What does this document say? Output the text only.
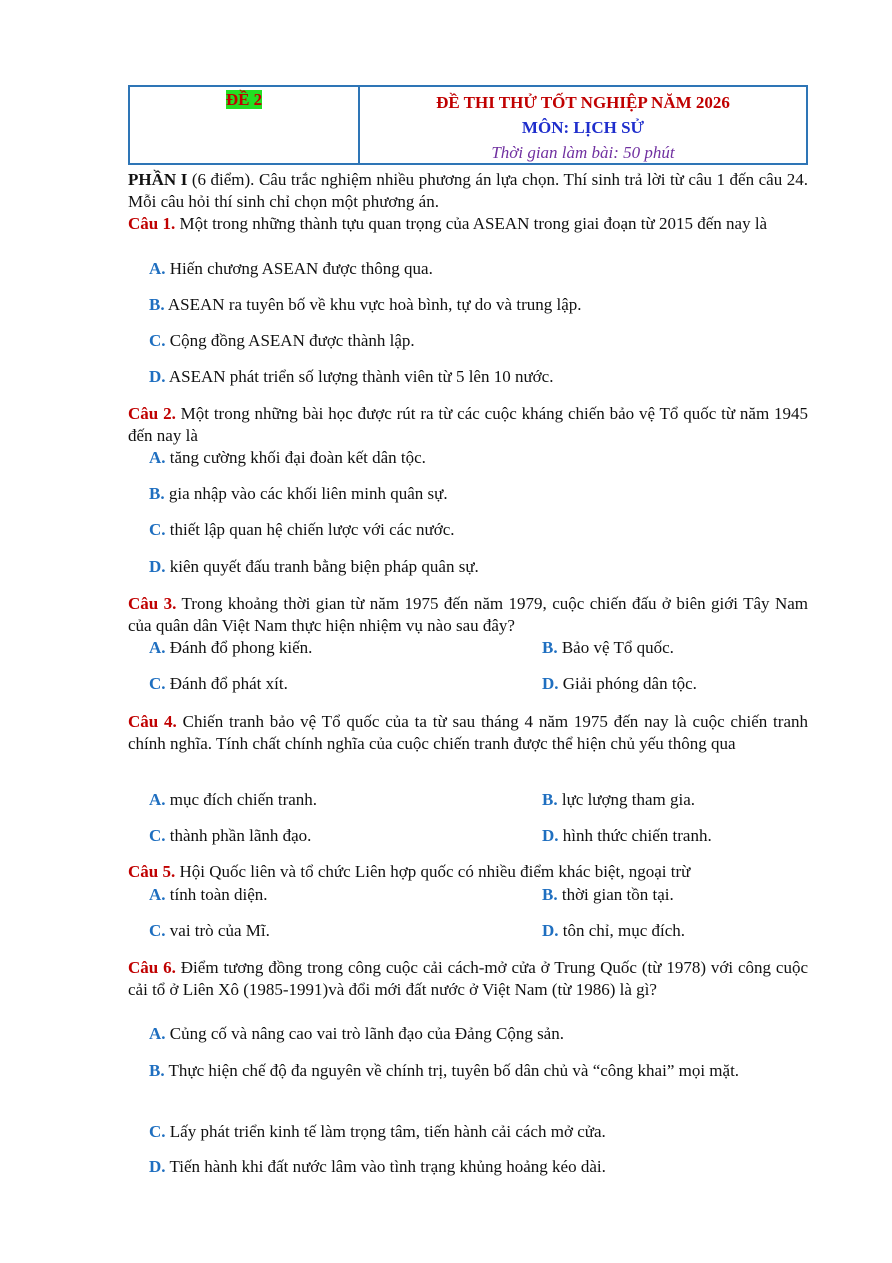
ĐỀ 2	ĐỀ THI THỬ TỐT NGHIỆP NĂM 2026
MÔN: LỊCH SỬ
Thời gian làm bài: 50 phút
PHẦN I (6 điểm). Câu trắc nghiệm nhiều phương án lựa chọn. Thí sinh trả lời từ câu 1 đến câu 24. Mỗi câu hỏi thí sinh chỉ chọn một phương án.
Câu 1. Một trong những thành tựu quan trọng của ASEAN trong giai đoạn từ 2015 đến nay là
A. Hiến chương ASEAN được thông qua.
B. ASEAN ra tuyên bố về khu vực hoà bình, tự do và trung lập.
C. Cộng đồng ASEAN được thành lập.
D. ASEAN phát triển số lượng thành viên từ 5 lên 10 nước.
Câu 2. Một trong những bài học được rút ra từ các cuộc kháng chiến bảo vệ Tổ quốc từ năm 1945 đến nay là
A. tăng cường khối đại đoàn kết dân tộc.
B. gia nhập vào các khối liên minh quân sự.
C. thiết lập quan hệ chiến lược với các nước.
D. kiên quyết đấu tranh bằng biện pháp quân sự.
Câu 3. Trong khoảng thời gian từ năm 1975 đến năm 1979, cuộc chiến đấu ở biên giới Tây Nam của quân dân Việt Nam thực hiện nhiệm vụ nào sau đây?
A. Đánh đổ phong kiến.	B. Bảo vệ Tổ quốc.
C. Đánh đổ phát xít.	D. Giải phóng dân tộc.
Câu 4. Chiến tranh bảo vệ Tổ quốc của ta từ sau tháng 4 năm 1975 đến nay là cuộc chiến tranh chính nghĩa. Tính chất chính nghĩa của cuộc chiến tranh được thể hiện chủ yếu thông qua
A. mục đích chiến tranh.	B. lực lượng tham gia.
C. thành phần lãnh đạo.	D. hình thức chiến tranh.
Câu 5. Hội Quốc liên và tổ chức Liên hợp quốc có nhiều điểm khác biệt, ngoại trừ
A. tính toàn diện.	B. thời gian tồn tại.
C. vai trò của Mĩ.	D. tôn chỉ, mục đích.
Câu 6. Điểm tương đồng trong công cuộc cải cách-mở cửa ở Trung Quốc (từ 1978) với công cuộc cải tổ ở Liên Xô (1985-1991)và đổi mới đất nước ở Việt Nam (từ 1986) là gì?
A. Củng cố và nâng cao vai trò lãnh đạo của Đảng Cộng sản.
B. Thực hiện chế độ đa nguyên về chính trị, tuyên bố dân chủ và “công khai” mọi mặt.
C. Lấy phát triển kinh tế làm trọng tâm, tiến hành cải cách mở cửa.
D. Tiến hành khi đất nước lâm vào tình trạng khủng hoảng kéo dài.
